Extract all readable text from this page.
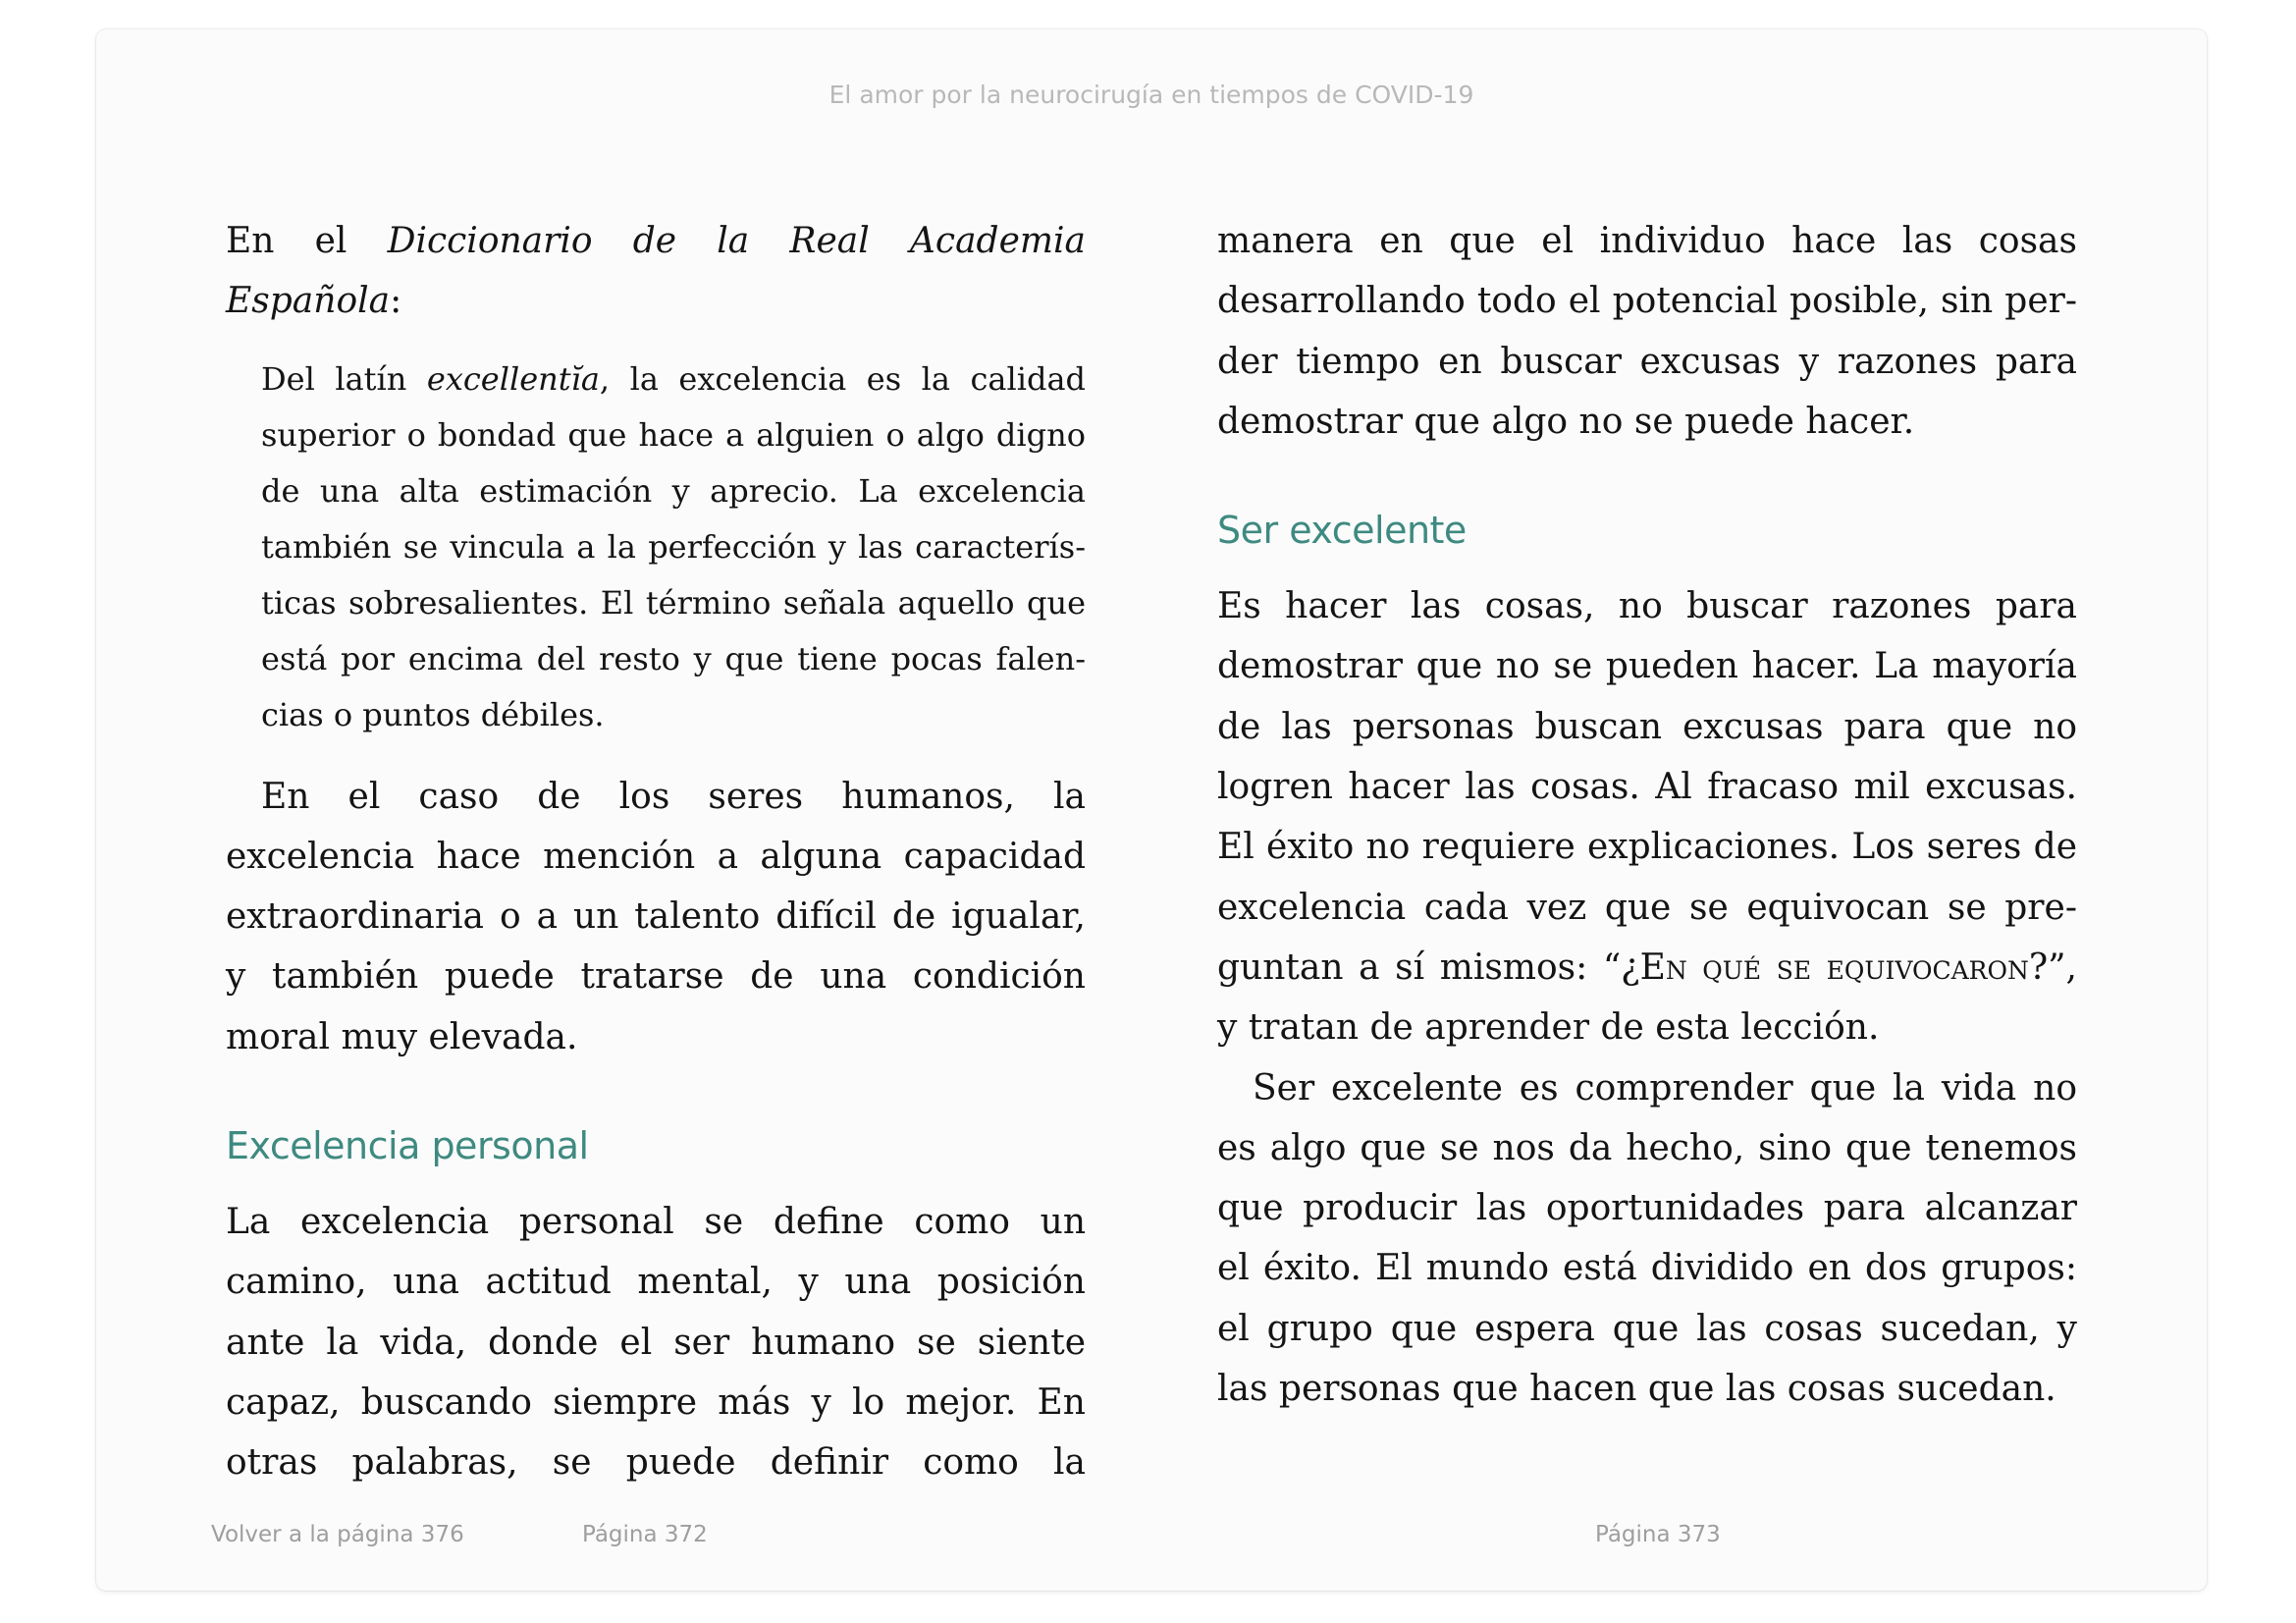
El amor por la neurocirugía en tiempos de COVID-19

En el Diccionario de la Real Academia Española:

Del latín excellentĭa, la excelencia es la calidad superior o bondad que hace a alguien o algo digno de una alta estimación y aprecio. La excelencia también se vincula a la perfección y las características sobresalientes. El término señala aquello que está por encima del resto y que tiene pocas falencias o puntos débiles.

En el caso de los seres humanos, la excelencia hace mención a alguna capacidad extraordinaria o a un talento difícil de igualar, y también puede tratarse de una condición moral muy elevada.

Excelencia personal

La excelencia personal se define como un camino, una actitud mental, y una posición ante la vida, donde el ser humano se siente capaz, buscando siempre más y lo mejor. En otras palabras, se puede definir como la

manera en que el individuo hace las cosas desarrollando todo el potencial posible, sin perder tiempo en buscar excusas y razones para demostrar que algo no se puede hacer.

Ser excelente

Es hacer las cosas, no buscar razones para demostrar que no se pueden hacer. La mayoría de las personas buscan excusas para que no logren hacer las cosas. Al fracaso mil excusas. El éxito no requiere explicaciones. Los seres de excelencia cada vez que se equivocan se preguntan a sí mismos: “¿En qué se equivocaron?”, y tratan de aprender de esta lección.

Ser excelente es comprender que la vida no es algo que se nos da hecho, sino que tenemos que producir las oportunidades para alcanzar el éxito. El mundo está dividido en dos grupos: el grupo que espera que las cosas sucedan, y las personas que hacen que las cosas sucedan.

Volver a la página 376	Página 372	Página 373
